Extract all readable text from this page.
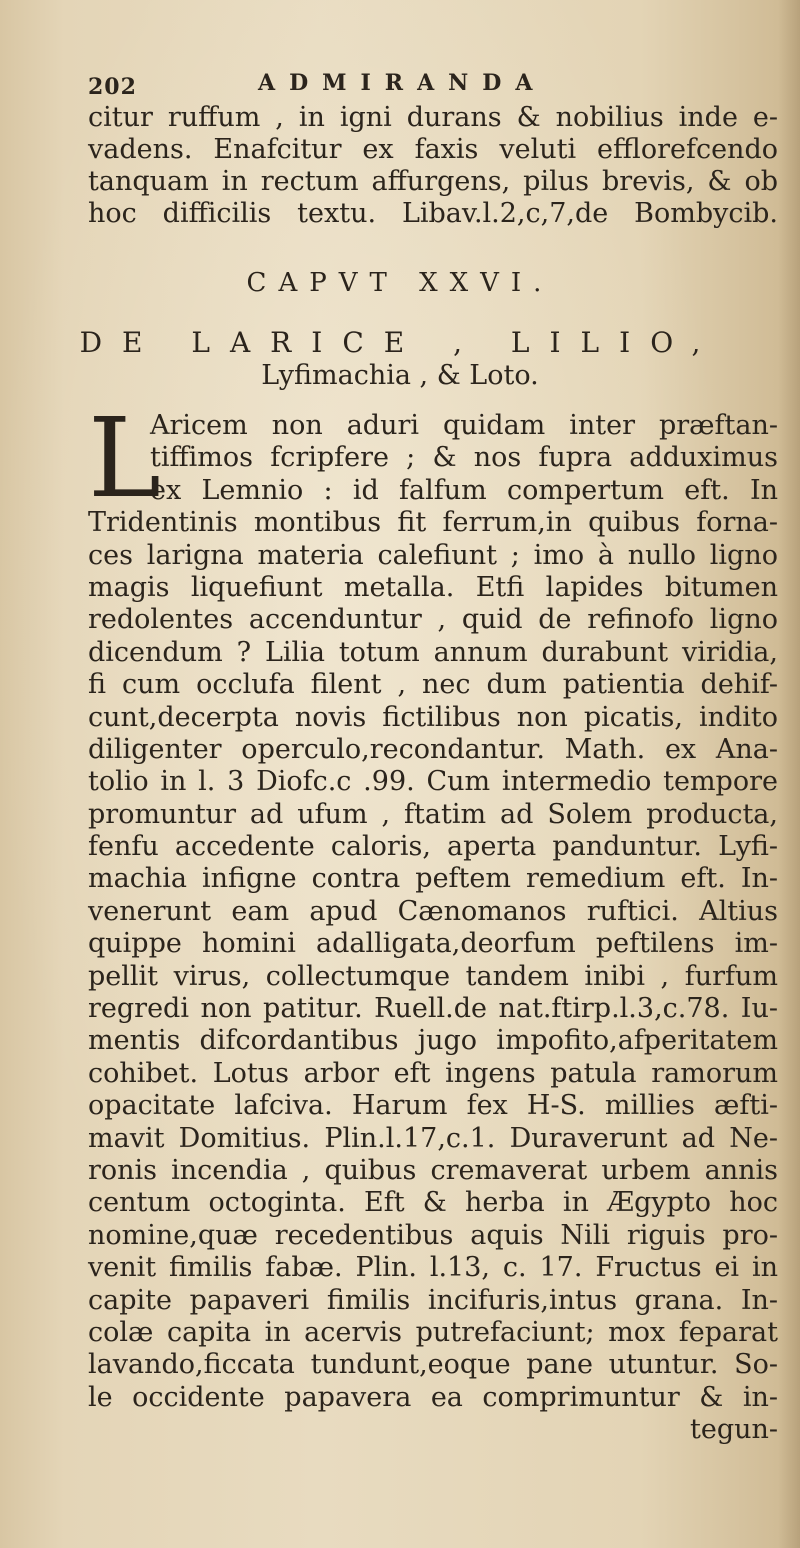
202	ADMIRANDA
citur ruffum , in igni durans & nobilius inde e-
vadens. Enafcitur ex faxis veluti efflorefcendo
tanquam in rectum affurgens, pilus brevis, & ob
hoc difficilis textu. Libav.l.2,c,7,de Bombycib.
CAPVT XXVI.
DE LARICE , LILIO,
Lyfimachia , & Loto.
L
Aricem non aduri quidam inter præftan-
tiffimos fcripfere ; & nos fupra adduximus
ex Lemnio : id falfum compertum eft. In
Tridentinis montibus fit ferrum,in quibus forna-
ces larigna materia calefiunt ; imo à nullo ligno
magis liquefiunt metalla. Etfi lapides bitumen
redolentes accenduntur , quid de refinofo ligno
dicendum ? Lilia totum annum durabunt viridia,
fi cum occlufa filent , nec dum patientia dehif-
cunt,decerpta novis fictilibus non picatis, indito
diligenter operculo,recondantur. Math. ex Ana-
tolio in l. 3 Diofc.c .99. Cum intermedio tempore
promuntur ad ufum , ftatim ad Solem producta,
fenfu accedente caloris, aperta panduntur. Lyfi-
machia infigne contra peftem remedium eft. In-
venerunt eam apud Cænomanos ruftici. Altius
quippe homini adalligata,deorfum peftilens im-
pellit virus, collectumque tandem inibi , furfum
regredi non patitur. Ruell.de nat.ftirp.l.3,c.78. Iu-
mentis difcordantibus jugo impofito,afperitatem
cohibet. Lotus arbor eft ingens patula ramorum
opacitate lafciva. Harum fex H-S. millies æfti-
mavit Domitius. Plin.l.17,c.1. Duraverunt ad Ne-
ronis incendia , quibus cremaverat urbem annis
centum octoginta. Eft & herba in Ægypto hoc
nomine,quæ recedentibus aquis Nili riguis pro-
venit fimilis fabæ. Plin. l.13, c. 17. Fructus ei in
capite papaveri fimilis incifuris,intus grana. In-
colæ capita in acervis putrefaciunt; mox feparat
lavando,ficcata tundunt,eoque pane utuntur. So-
le occidente papavera ea comprimuntur & in-
tegun-
